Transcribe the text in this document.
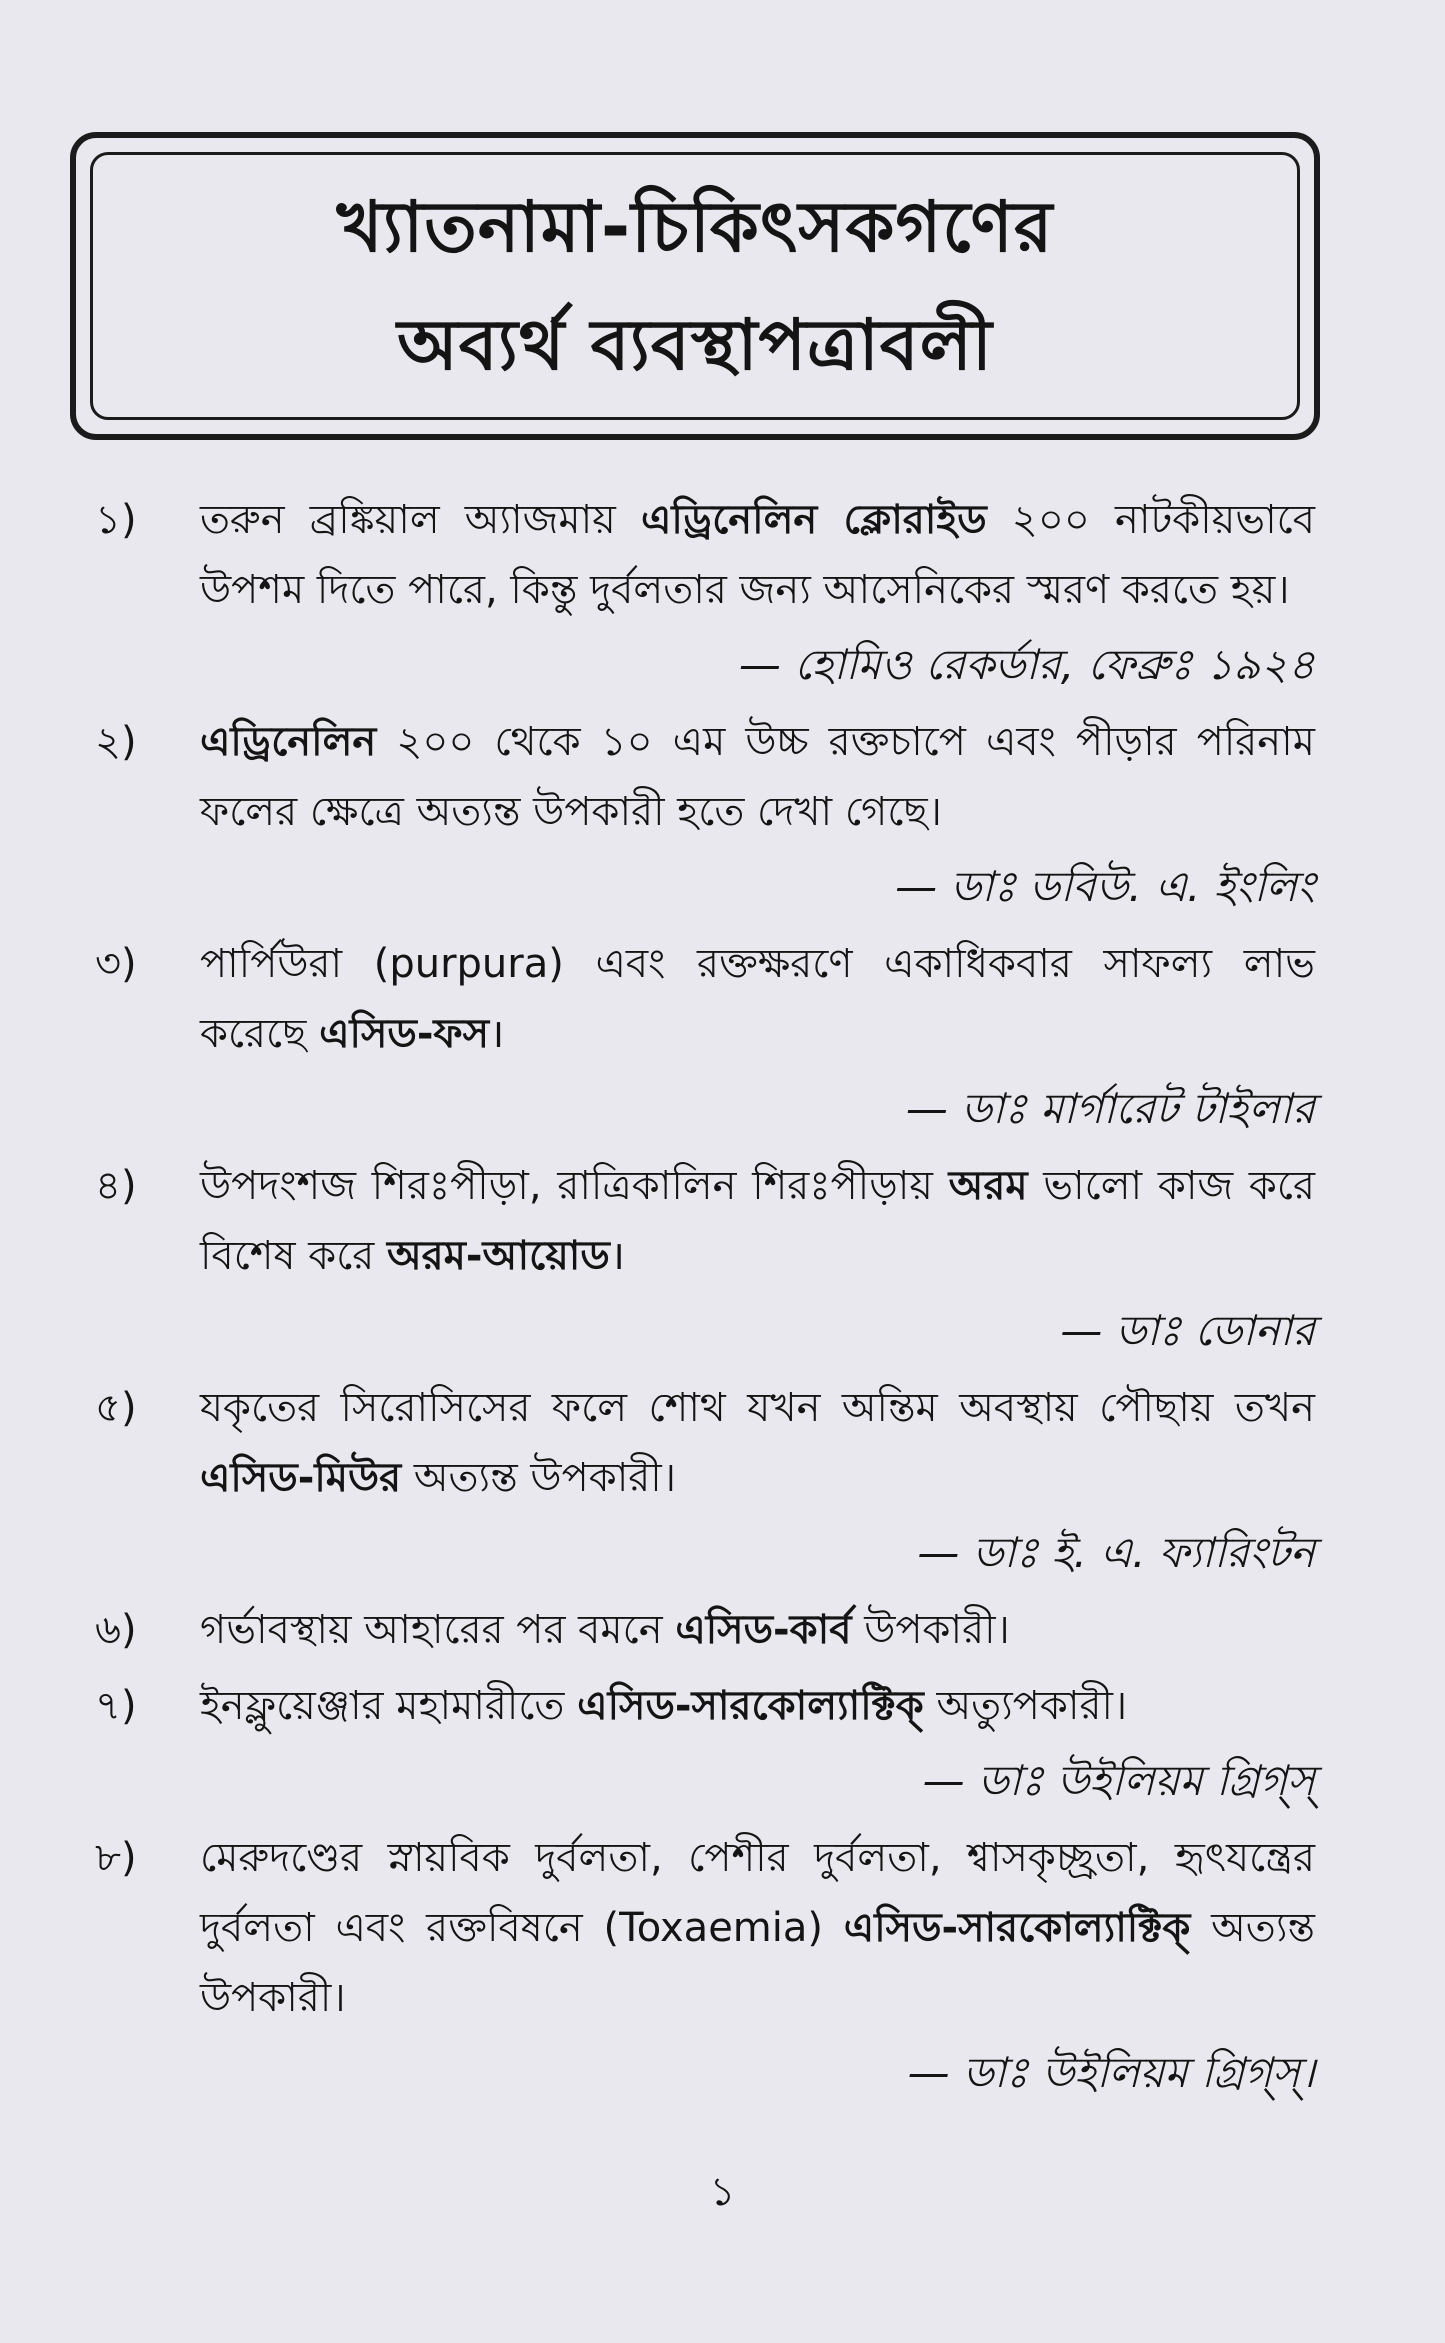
খ্যাতনামা-চিকিৎসকগণের
অব্যর্থ ব্যবস্থাপত্রাবলী
১) তরুন ব্রঙ্কিয়াল অ্যাজমায় এড্রিনেলিন ক্লোরাইড ২০০ নাটকীয়ভাবে উপশম দিতে পারে, কিন্তু দুর্বলতার জন্য আসেনিকের স্মরণ করতে হয়।
— হোমিও রেকর্ডার, ফেব্রুঃ ১৯২৪
২) এড্রিনেলিন ২০০ থেকে ১০ এম উচ্চ রক্তচাপে এবং পীড়ার পরিনাম ফলের ক্ষেত্রে অত্যন্ত উপকারী হতে দেখা গেছে।
— ডাঃ ডবিউ. এ. ইংলিং
৩) পার্পিউরা (purpura) এবং রক্তক্ষরণে একাধিকবার সাফল্য লাভ করেছে এসিড-ফস।
— ডাঃ মার্গারেট টাইলার
৪) উপদংশজ শিরঃপীড়া, রাত্রিকালিন শিরঃপীড়ায় অরম ভালো কাজ করে বিশেষ করে অরম-আয়োড।
— ডাঃ ডোনার
৫) যকৃতের সিরোসিসের ফলে শোথ যখন অন্তিম অবস্থায় পৌছায় তখন এসিড-মিউর অত্যন্ত উপকারী।
— ডাঃ ই. এ. ফ্যারিংটন
৬) গর্ভাবস্থায় আহারের পর বমনে এসিড-কার্ব উপকারী।
৭) ইনফ্লুয়েঞ্জার মহামারীতে এসিড-সারকোল্যাক্টিক্ অত্যুপকারী।
— ডাঃ উইলিয়ম গ্রিগ্স্
৮) মেরুদণ্ডের স্নায়বিক দুর্বলতা, পেশীর দুর্বলতা, শ্বাসকৃচ্ছ্রতা, হৃৎযন্ত্রের দুর্বলতা এবং রক্তবিষনে (Toxaemia) এসিড-সারকোল্যাক্টিক্ অত্যন্ত উপকারী।
— ডাঃ উইলিয়ম গ্রিগ্স্।
১
